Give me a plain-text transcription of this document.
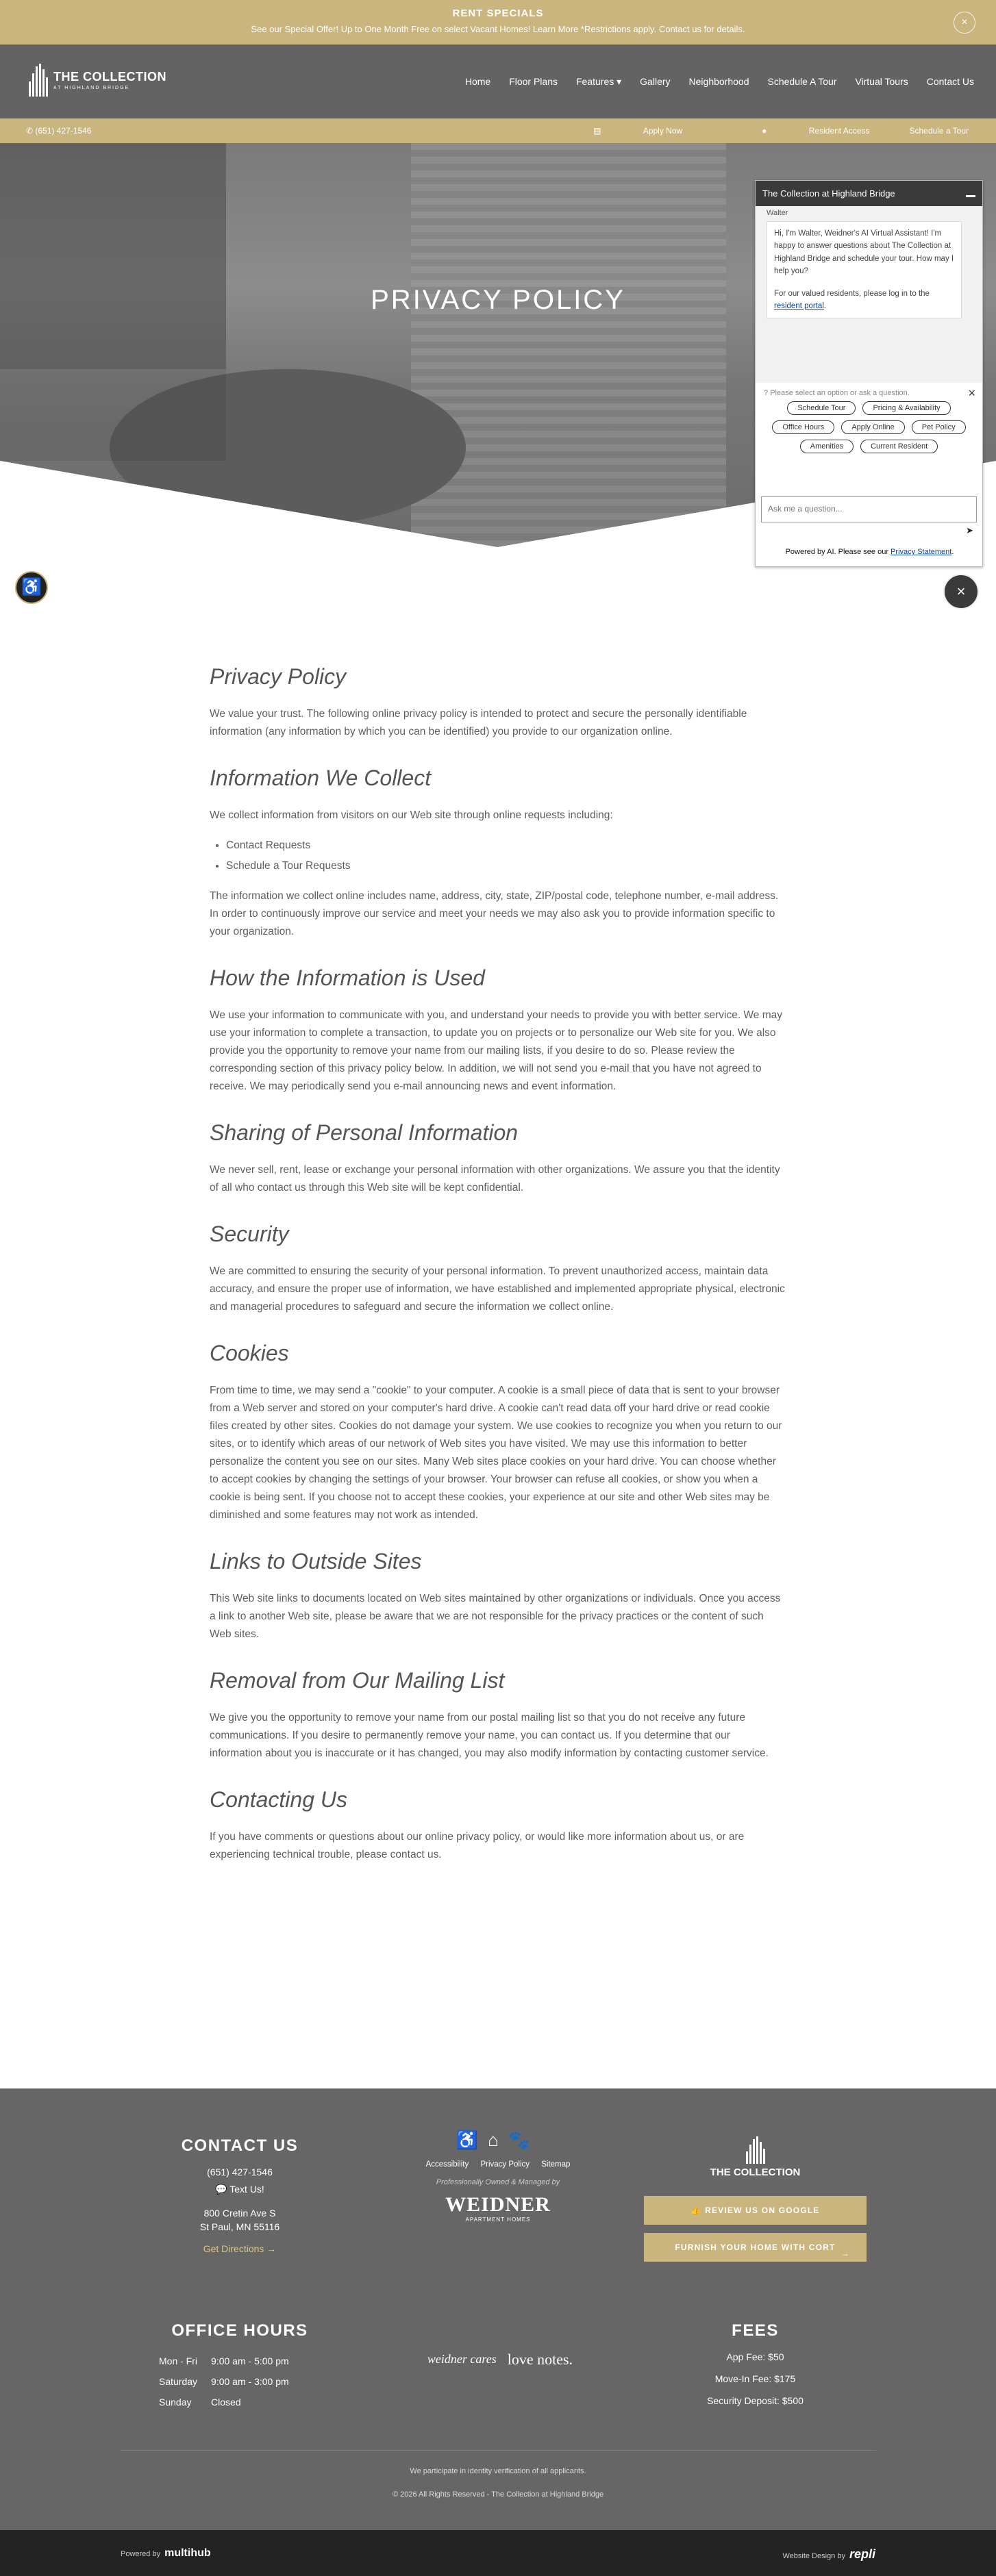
RENT SPECIALS
See our Special Offer! Up to One Month Free on select Vacant Homes! Learn More *Restrictions apply. Contact us for details.
×
THE COLLECTION
AT HIGHLAND BRIDGE
Home Floor Plans Features ▾ Gallery Neighborhood Schedule A Tour Virtual Tours Contact Us
✆ (651) 427-1546	▤	Apply Now	●	Resident Access	Schedule a Tour
PRIVACY POLICY
♿
The Collection at Highland Bridge
Walter
Hi, I'm Walter, Weidner's AI Virtual Assistant! I'm happy to answer questions about The Collection at Highland Bridge and schedule your tour. How may I help you?
For our valued residents, please log in to the resident portal.
? Please select an option or ask a question.	×
Schedule Tour	Pricing & Availability
Office Hours	Apply Online	Pet Policy
Amenities	Current Resident
Ask me a question...
➤
Powered by AI. Please see our Privacy Statement.
×
Privacy Policy

We value your trust. The following online privacy policy is intended to protect and secure the personally identifiable information (any information by which you can be identified) you provide to our organization online.

Information We Collect

We collect information from visitors on our Web site through online requests including:

• Contact Requests
• Schedule a Tour Requests

The information we collect online includes name, address, city, state, ZIP/postal code, telephone number, e-mail address. In order to continuously improve our service and meet your needs we may also ask you to provide information specific to your organization.

How the Information is Used

We use your information to communicate with you, and understand your needs to provide you with better service. We may use your information to complete a transaction, to update you on projects or to personalize our Web site for you. We also provide you the opportunity to remove your name from our mailing lists, if you desire to do so. Please review the corresponding section of this privacy policy below. In addition, we will not send you e-mail that you have not agreed to receive. We may periodically send you e-mail announcing news and event information.

Sharing of Personal Information

We never sell, rent, lease or exchange your personal information with other organizations. We assure you that the identity of all who contact us through this Web site will be kept confidential.

Security

We are committed to ensuring the security of your personal information. To prevent unauthorized access, maintain data accuracy, and ensure the proper use of information, we have established and implemented appropriate physical, electronic and managerial procedures to safeguard and secure the information we collect online.

Cookies

From time to time, we may send a "cookie" to your computer. A cookie is a small piece of data that is sent to your browser from a Web server and stored on your computer's hard drive. A cookie can't read data off your hard drive or read cookie files created by other sites. Cookies do not damage your system. We use cookies to recognize you when you return to our sites, or to identify which areas of our network of Web sites you have visited. We may use this information to better personalize the content you see on our sites. Many Web sites place cookies on your hard drive. You can choose whether to accept cookies by changing the settings of your browser. Your browser can refuse all cookies, or show you when a cookie is being sent. If you choose not to accept these cookies, your experience at our site and other Web sites may be diminished and some features may not work as intended.

Links to Outside Sites

This Web site links to documents located on Web sites maintained by other organizations or individuals. Once you access a link to another Web site, please be aware that we are not responsible for the privacy practices or the content of such Web sites.

Removal from Our Mailing List

We give you the opportunity to remove your name from our postal mailing list so that you do not receive any future communications. If you desire to permanently remove your name, you can contact us. If you determine that our information about you is inaccurate or it has changed, you may also modify information by contacting customer service.

Contacting Us

If you have comments or questions about our online privacy policy, or would like more information about us, or are experiencing technical trouble, please contact us.

CONTACT US
(651) 427-1546
💬 Text Us!
800 Cretin Ave S
St Paul, MN 55116
Get Directions →
♿⌂🐾
Accessibility Privacy Policy Sitemap
Professionally Owned & Managed by
WEIDNER
APARTMENT HOMES
THE COLLECTION
👍 REVIEW US ON GOOGLE
FURNISH YOUR HOME WITH CORT
→
OFFICE HOURS
Mon - Fri	9:00 am - 5:00 pm
Saturday	9:00 am - 3:00 pm
Sunday	Closed
weidner cares love notes.
FEES
App Fee: $50
Move-In Fee: $175
Security Deposit: $500
We participate in identity verification of all applicants.
© 2026 All Rights Reserved - The Collection at Highland Bridge
Powered by multihub	Website Design by repli
